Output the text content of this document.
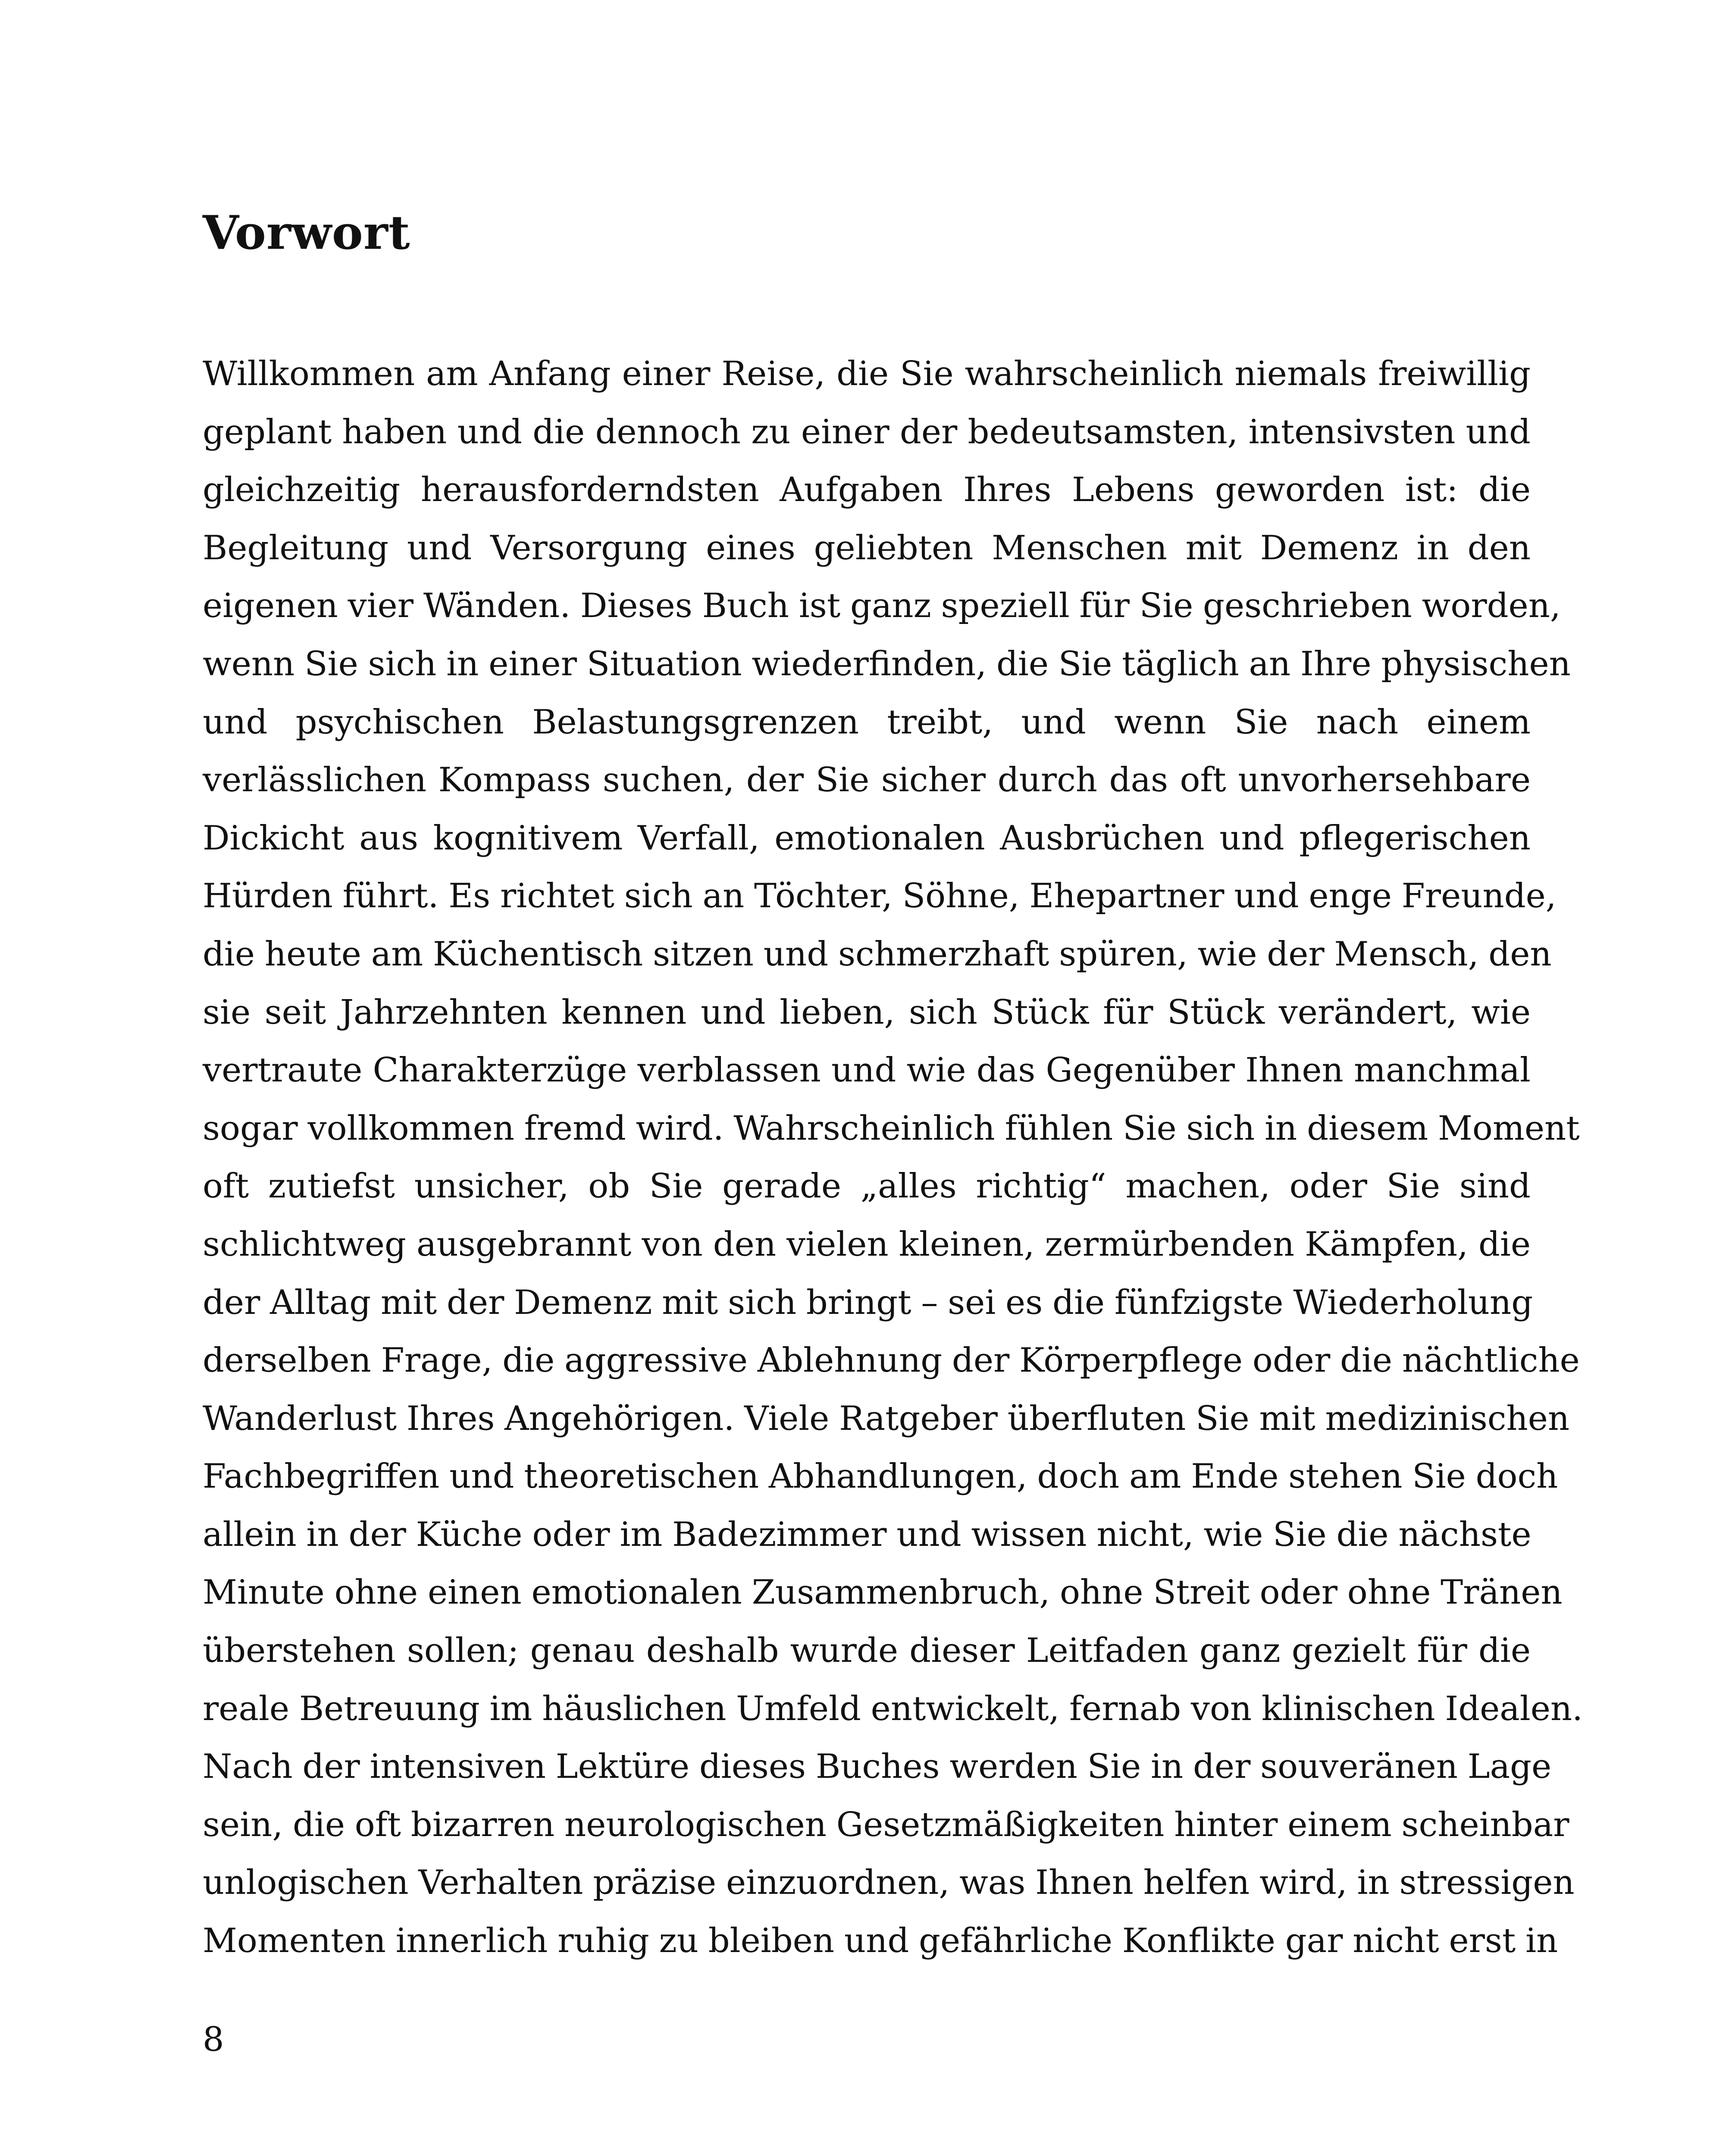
Vorwort
Willkommen am Anfang einer Reise, die Sie wahrscheinlich niemals freiwillig
geplant haben und die dennoch zu einer der bedeutsamsten, intensivsten und
gleichzeitig herausforderndsten Aufgaben Ihres Lebens geworden ist: die
Begleitung und Versorgung eines geliebten Menschen mit Demenz in den
eigenen vier Wänden. Dieses Buch ist ganz speziell für Sie geschrieben worden,
wenn Sie sich in einer Situation wiederfinden, die Sie täglich an Ihre physischen
und psychischen Belastungsgrenzen treibt, und wenn Sie nach einem
verlässlichen Kompass suchen, der Sie sicher durch das oft unvorhersehbare
Dickicht aus kognitivem Verfall, emotionalen Ausbrüchen und pflegerischen
Hürden führt. Es richtet sich an Töchter, Söhne, Ehepartner und enge Freunde,
die heute am Küchentisch sitzen und schmerzhaft spüren, wie der Mensch, den
sie seit Jahrzehnten kennen und lieben, sich Stück für Stück verändert, wie
vertraute Charakterzüge verblassen und wie das Gegenüber Ihnen manchmal
sogar vollkommen fremd wird. Wahrscheinlich fühlen Sie sich in diesem Moment
oft zutiefst unsicher, ob Sie gerade „alles richtig“ machen, oder Sie sind
schlichtweg ausgebrannt von den vielen kleinen, zermürbenden Kämpfen, die
der Alltag mit der Demenz mit sich bringt – sei es die fünfzigste Wiederholung
derselben Frage, die aggressive Ablehnung der Körperpflege oder die nächtliche
Wanderlust Ihres Angehörigen. Viele Ratgeber überfluten Sie mit medizinischen
Fachbegriffen und theoretischen Abhandlungen, doch am Ende stehen Sie doch
allein in der Küche oder im Badezimmer und wissen nicht, wie Sie die nächste
Minute ohne einen emotionalen Zusammenbruch, ohne Streit oder ohne Tränen
überstehen sollen; genau deshalb wurde dieser Leitfaden ganz gezielt für die
reale Betreuung im häuslichen Umfeld entwickelt, fernab von klinischen Idealen.
Nach der intensiven Lektüre dieses Buches werden Sie in der souveränen Lage
sein, die oft bizarren neurologischen Gesetzmäßigkeiten hinter einem scheinbar
unlogischen Verhalten präzise einzuordnen, was Ihnen helfen wird, in stressigen
Momenten innerlich ruhig zu bleiben und gefährliche Konflikte gar nicht erst in
8
